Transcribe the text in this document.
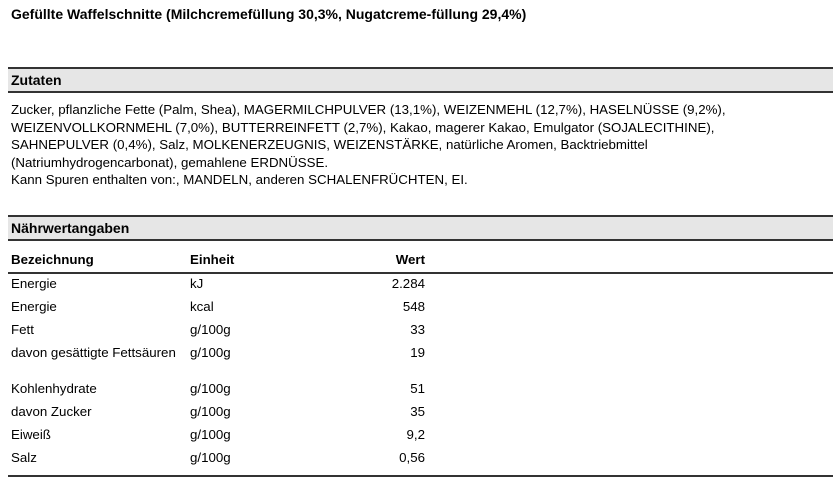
Gefüllte Waffelschnitte (Milchcremefüllung 30,3%, Nugatcreme-füllung 29,4%)
Zutaten

Zucker, pflanzliche Fette (Palm, Shea), MAGERMILCHPULVER (13,1%), WEIZENMEHL (12,7%), HASELNÜSSE (9,2%),

WEIZENVOLLKORNMEHL (7,0%), BUTTERREINFETT (2,7%), Kakao, magerer Kakao, Emulgator (SOJALECITHINE),

SAHNEPULVER (0,4%), Salz, MOLKENERZEUGNIS, WEIZENSTÄRKE, natürliche Aromen, Backtriebmittel

(Natriumhydrogencarbonat), gemahlene ERDNÜSSE.

Kann Spuren enthalten von:, MANDELN, anderen SCHALENFRÜCHTEN, EI.

Nährwertangaben
Bezeichnung	Einheit	Wert
Energie	kJ	2.284
Energie	kcal	548
Fett	g/100g	33
davon gesättigte Fettsäuren	g/100g	19
Kohlenhydrate	g/100g	51
davon Zucker	g/100g	35
Eiweiß	g/100g	9,2
Salz	g/100g	0,56
